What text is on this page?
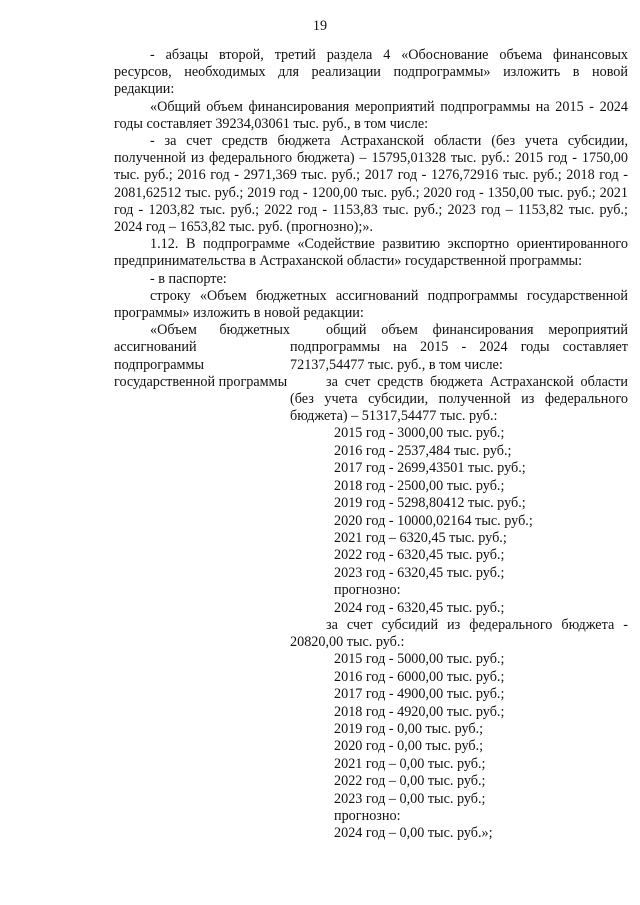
19

- абзацы второй, третий раздела 4 «Обоснование объема финансовых ресурсов, необходимых для реализации подпрограммы» изложить в новой редакции:

«Общий объем финансирования мероприятий подпрограммы на 2015 - 2024 годы составляет 39234,03061 тыс. руб., в том числе:

- за счет средств бюджета Астраханской области (без учета субсидии, полученной из федерального бюджета) – 15795,01328 тыс. руб.: 2015 год - 1750,00 тыс. руб.; 2016 год - 2971,369 тыс. руб.; 2017 год - 1276,72916 тыс. руб.; 2018 год - 2081,62512 тыс. руб.; 2019 год - 1200,00 тыс. руб.; 2020 год - 1350,00 тыс. руб.; 2021 год - 1203,82 тыс. руб.; 2022 год - 1153,83 тыс. руб.; 2023 год – 1153,82 тыс. руб.; 2024 год – 1653,82 тыс. руб. (прогнозно);».

1.12. В подпрограмме «Содействие развитию экспортно ориентированного предпринимательства в Астраханской области» государственной программы:

- в паспорте:

строку «Объем бюджетных ассигнований подпрограммы государственной программы» изложить в новой редакции:

«Объем бюджетных ассигнований подпрограммы государственной программы

общий объем финансирования мероприятий подпрограммы на 2015 - 2024 годы составляет 72137,54477 тыс. руб., в том числе:

за счет средств бюджета Астраханской области (без учета субсидии, полученной из федерального бюджета) – 51317,54477 тыс. руб.:

2015 год - 3000,00 тыс. руб.;
2016 год - 2537,484 тыс. руб.;
2017 год - 2699,43501 тыс. руб.;
2018 год - 2500,00 тыс. руб.;
2019 год - 5298,80412 тыс. руб.;
2020 год - 10000,02164 тыс. руб.;
2021 год – 6320,45 тыс. руб.;
2022 год - 6320,45 тыс. руб.;
2023 год - 6320,45 тыс. руб.;
прогнозно:
2024 год - 6320,45 тыс. руб.;

за счет субсидий из федерального бюджета - 20820,00 тыс. руб.:

2015 год - 5000,00 тыс. руб.;
2016 год - 6000,00 тыс. руб.;
2017 год - 4900,00 тыс. руб.;
2018 год - 4920,00 тыс. руб.;
2019 год - 0,00 тыс. руб.;
2020 год - 0,00 тыс. руб.;
2021 год – 0,00 тыс. руб.;
2022 год – 0,00 тыс. руб.;
2023 год – 0,00 тыс. руб.;
прогнозно:
2024 год – 0,00 тыс. руб.»;
